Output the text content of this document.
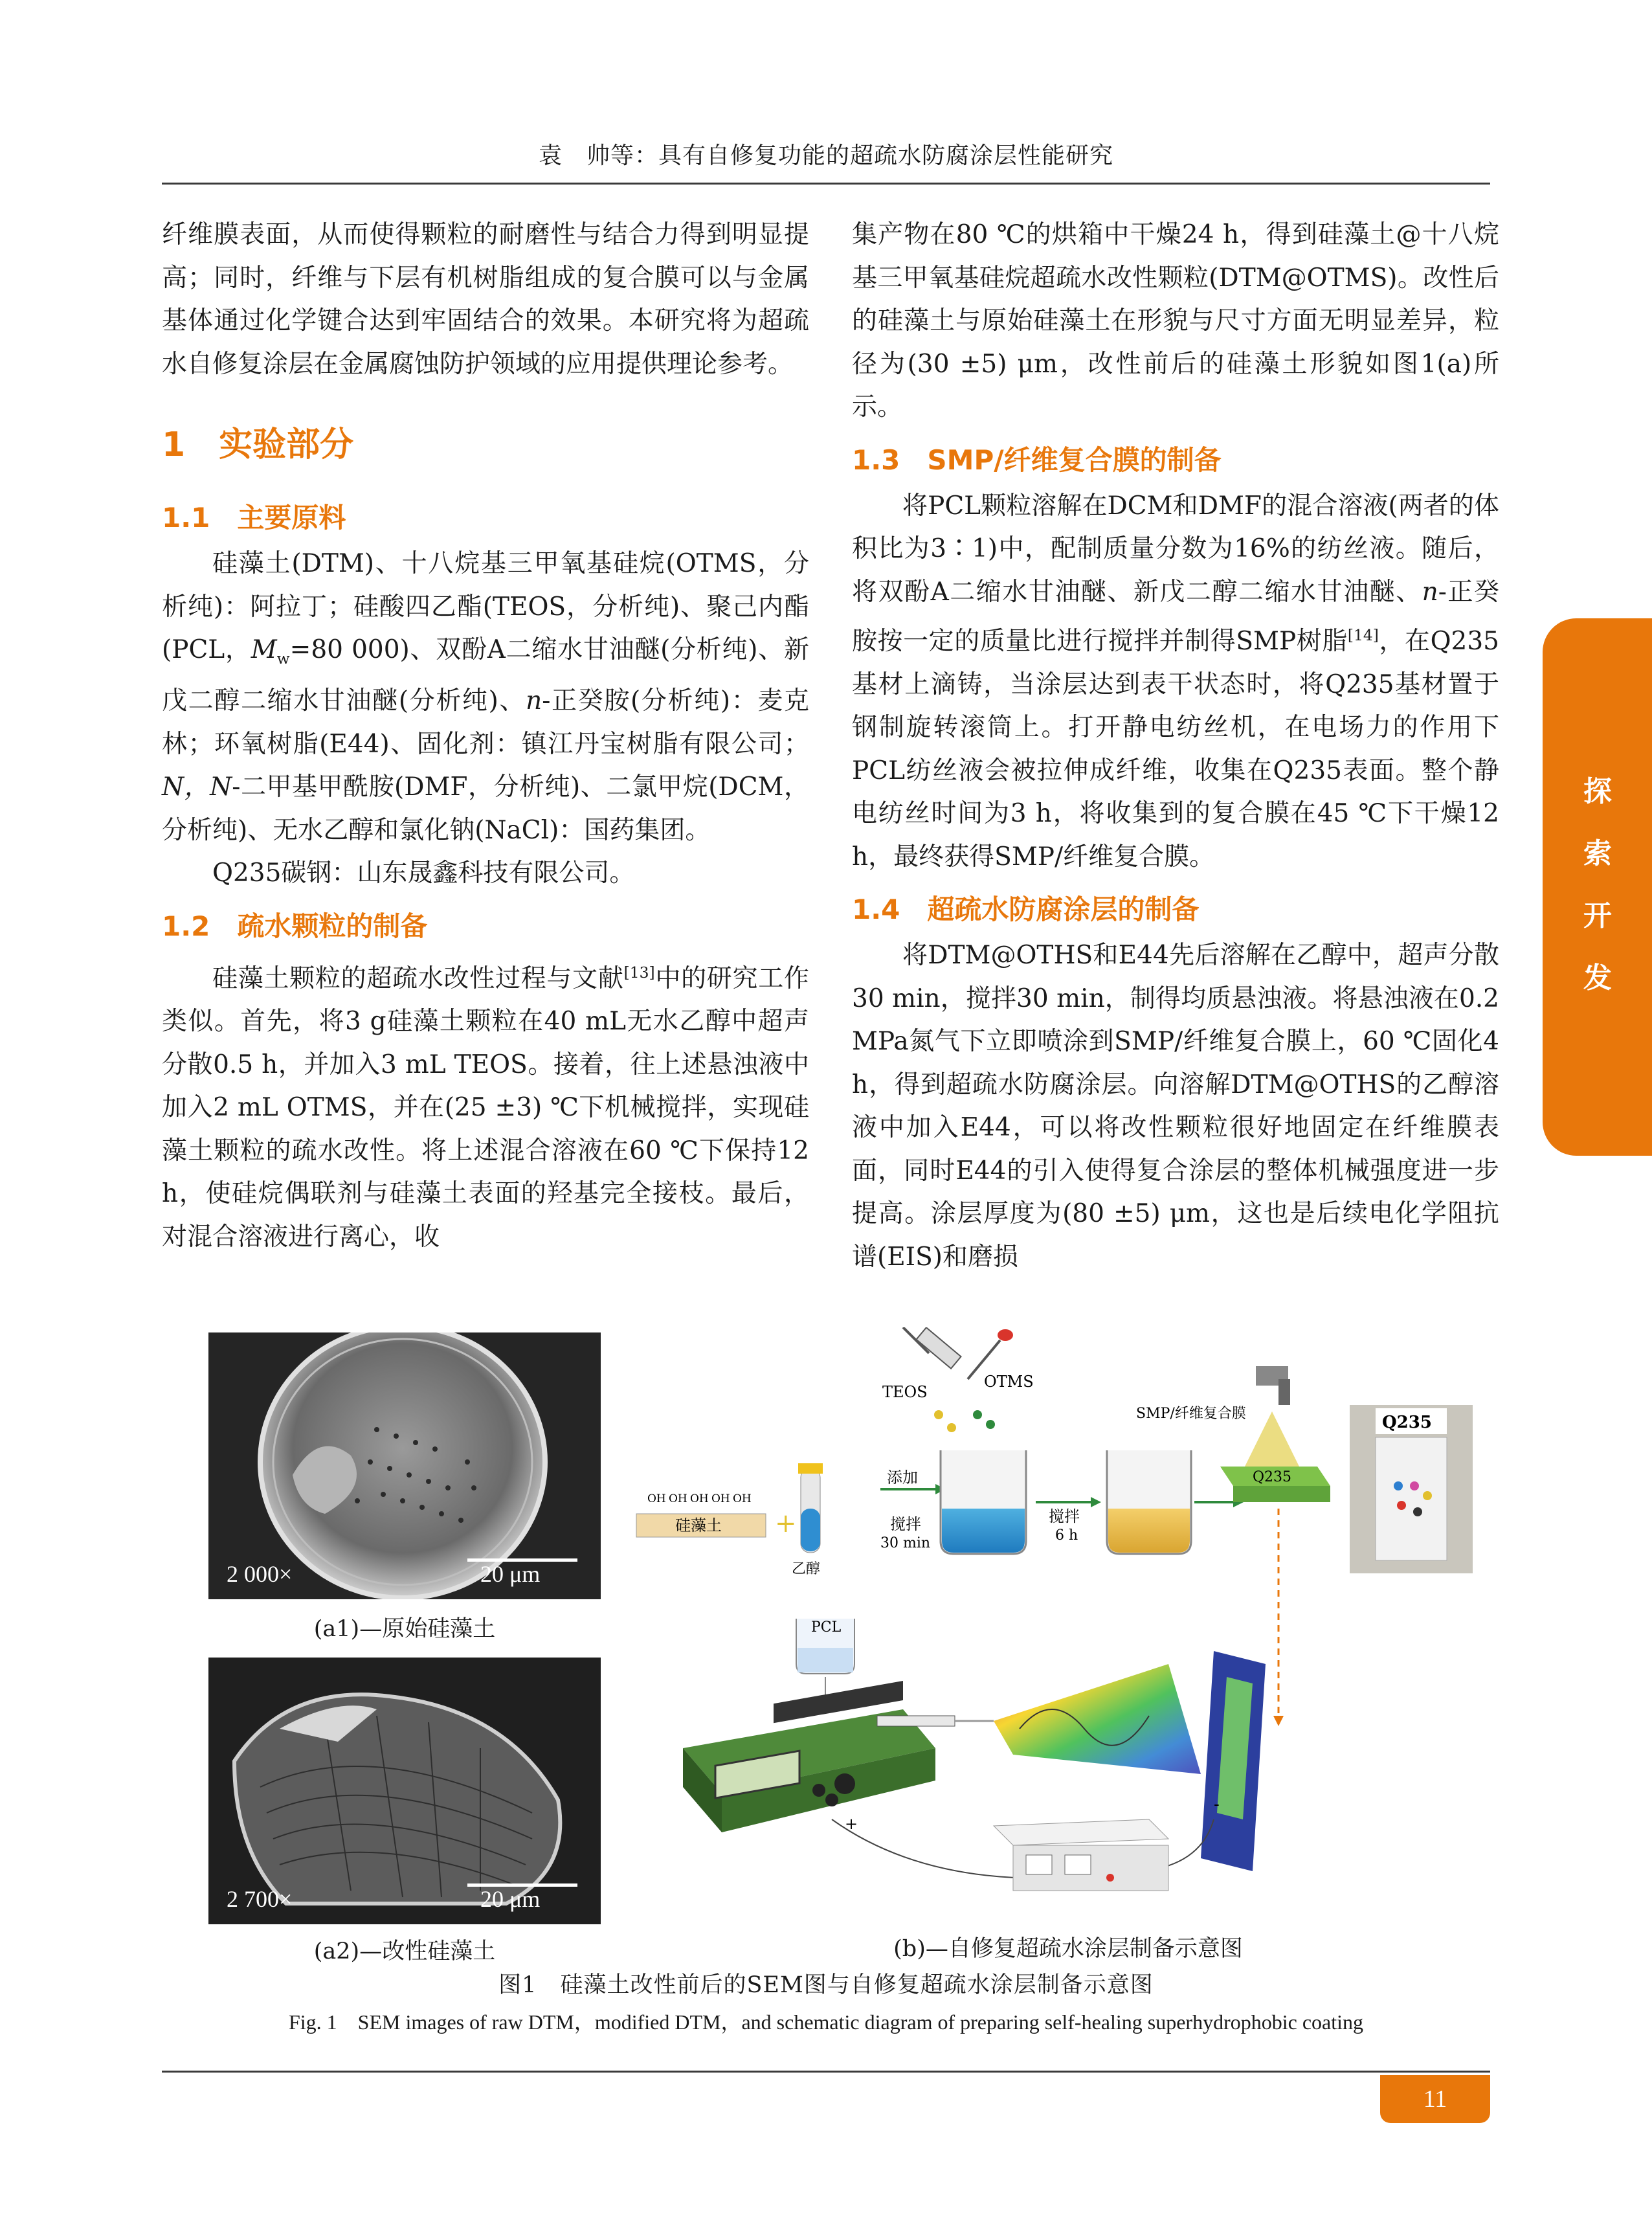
袁　帅等：具有自修复功能的超疏水防腐涂层性能研究
探
索
开
发

纤维膜表面，从而使得颗粒的耐磨性与结合力得到明显提高；同时，纤维与下层有机树脂组成的复合膜可以与金属基体通过化学键合达到牢固结合的效果。本研究将为超疏水自修复涂层在金属腐蚀防护领域的应用提供理论参考。

1　实验部分
1.1　主要原料

硅藻土(DTM)、十八烷基三甲氧基硅烷(OTMS，分析纯)：阿拉丁；硅酸四乙酯(TEOS，分析纯)、聚己内酯(PCL，$M_w=80$ 000)、双酚A二缩水甘油醚(分析纯)、新戊二醇二缩水甘油醚(分析纯)、n-正癸胺(分析纯)：麦克林；环氧树脂(E44)、固化剂：镇江丹宝树脂有限公司；N，N-二甲基甲酰胺(DMF，分析纯)、二氯甲烷(DCM，分析纯)、无水乙醇和氯化钠(NaCl)：国药集团。

Q235碳钢：山东晟鑫科技有限公司。

1.2　疏水颗粒的制备

硅藻土颗粒的超疏水改性过程与文献[13]中的研究工作类似。首先，将3 g硅藻土颗粒在40 mL无水乙醇中超声分散0.5 h，并加入3 mL TEOS。接着，往上述悬浊液中加入2 mL OTMS，并在(25 ±3) ℃下机械搅拌，实现硅藻土颗粒的疏水改性。将上述混合溶液在60 ℃下保持12 h，使硅烷偶联剂与硅藻土表面的羟基完全接枝。最后，对混合溶液进行离心，收

集产物在80 ℃的烘箱中干燥24 h，得到硅藻土@十八烷基三甲氧基硅烷超疏水改性颗粒(DTM@OTMS)。改性后的硅藻土与原始硅藻土在形貌与尺寸方面无明显差异，粒径为(30 ±5) μm，改性前后的硅藻土形貌如图1(a)所示。

1.3　SMP/纤维复合膜的制备

将PCL颗粒溶解在DCM和DMF的混合溶液(两者的体积比为3∶1)中，配制质量分数为16%的纺丝液。随后，将双酚A二缩水甘油醚、新戊二醇二缩水甘油醚、n-正癸胺按一定的质量比进行搅拌并制得SMP树脂[14]，在Q235基材上滴铸，当涂层达到表干状态时，将Q235基材置于钢制旋转滚筒上。打开静电纺丝机，在电场力的作用下PCL纺丝液会被拉伸成纤维，收集在Q235表面。整个静电纺丝时间为3 h，将收集到的复合膜在45 ℃下干燥12 h，最终获得SMP/纤维复合膜。

1.4　超疏水防腐涂层的制备

将DTM@OTHS和E44先后溶解在乙醇中，超声分散30 min，搅拌30 min，制得均质悬浊液。将悬浊液在0.2 MPa氮气下立即喷涂到SMP/纤维复合膜上，60 ℃固化4 h，得到超疏水防腐涂层。向溶解DTM@OTHS的乙醇溶液中加入E44，可以将改性颗粒很好地固定在纤维膜表面，同时E44的引入使得复合涂层的整体机械强度进一步提高。涂层厚度为(80 ±5) μm，这也是后续电化学阻抗谱(EIS)和磨损

2 000×	20 μm
(a1)—原始硅藻土
2 700×	20 μm
(a2)—改性硅藻土
TEOS
OTMS
OH OH OH OH OH
硅藻土 +
乙醇
添加
搅拌
30 min
搅拌
6 h
SMP/纤维复合膜
Q235
Q235
PCL
+
-
(b)—自修复超疏水涂层制备示意图
图1　硅藻土改性前后的SEM图与自修复超疏水涂层制备示意图
Fig. 1　SEM images of raw DTM，modified DTM，and schematic diagram of preparing self-healing superhydrophobic coating
11
